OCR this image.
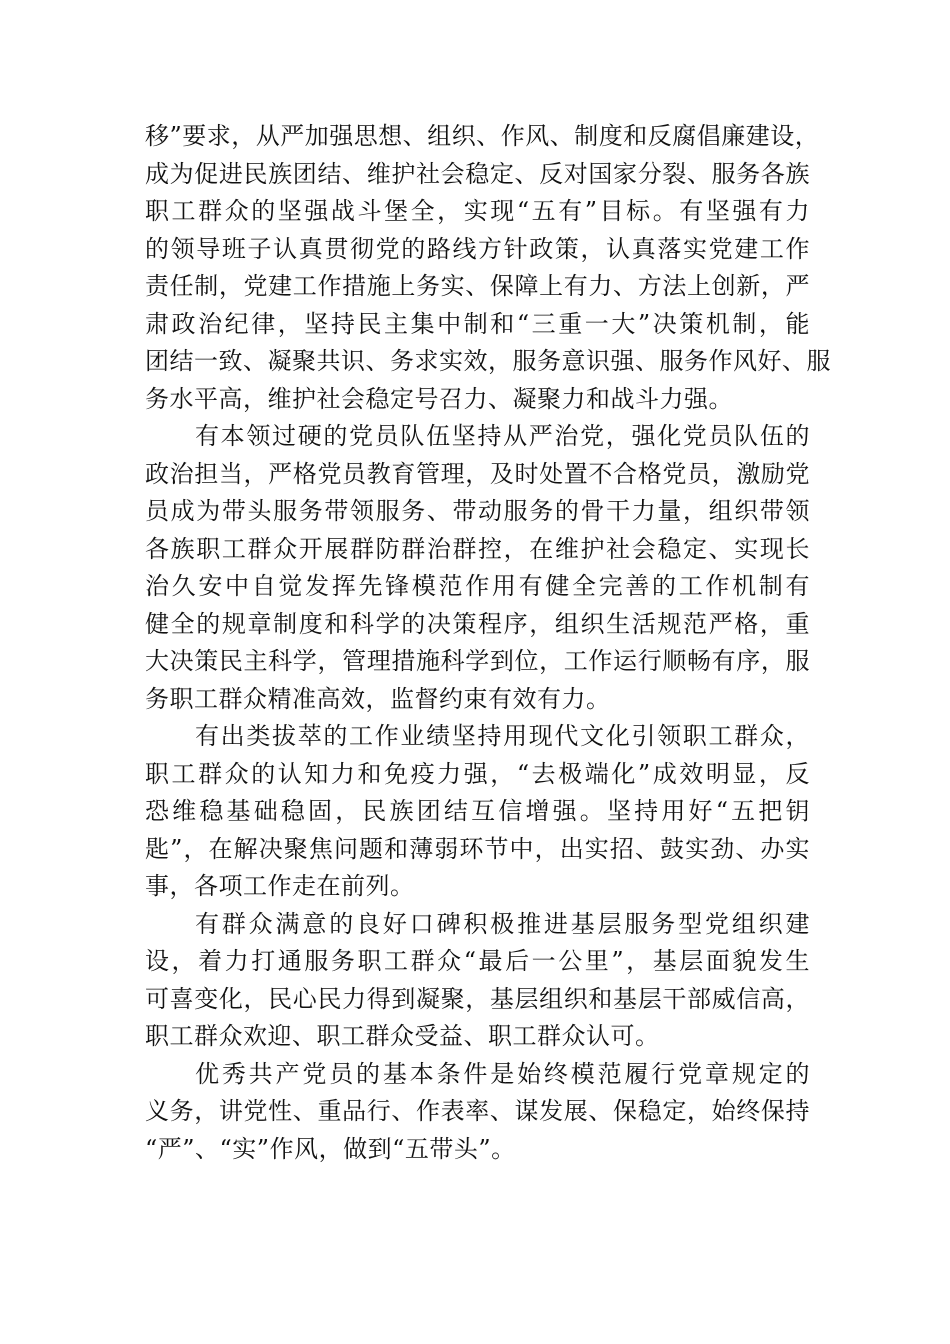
移”要求，从严加强思想、组织、作风、制度和反腐倡廉建设，
成为促进民族团结、维护社会稳定、反对国家分裂、服务各族
职工群众的坚强战斗堡全，实现“五有”目标。有坚强有力
的领导班子认真贯彻党的路线方针政策，认真落实党建工作
责任制，党建工作措施上务实、保障上有力、方法上创新，严
肃政治纪律，坚持民主集中制和“三重一大”决策机制，能
团结一致、凝聚共识、务求实效，服务意识强、服务作风好、服
务水平高，维护社会稳定号召力、凝聚力和战斗力强。
有本领过硬的党员队伍坚持从严治党，强化党员队伍的
政治担当，严格党员教育管理，及时处置不合格党员，激励党
员成为带头服务带领服务、带动服务的骨干力量，组织带领
各族职工群众开展群防群治群控，在维护社会稳定、实现长
治久安中自觉发挥先锋模范作用有健全完善的工作机制有
健全的规章制度和科学的决策程序，组织生活规范严格，重
大决策民主科学，管理措施科学到位，工作运行顺畅有序，服
务职工群众精准高效，监督约束有效有力。
有出类拔萃的工作业绩坚持用现代文化引领职工群众，
职工群众的认知力和免疫力强，“去极端化”成效明显，反
恐维稳基础稳固，民族团结互信增强。坚持用好“五把钥
匙”，在解决聚焦问题和薄弱环节中，出实招、鼓实劲、办实
事，各项工作走在前列。
有群众满意的良好口碑积极推进基层服务型党组织建
设，着力打通服务职工群众“最后一公里”，基层面貌发生
可喜变化，民心民力得到凝聚，基层组织和基层干部威信高，
职工群众欢迎、职工群众受益、职工群众认可。
优秀共产党员的基本条件是始终模范履行党章规定的
义务，讲党性、重品行、作表率、谋发展、保稳定，始终保持
“严”、“实”作风，做到“五带头”。
